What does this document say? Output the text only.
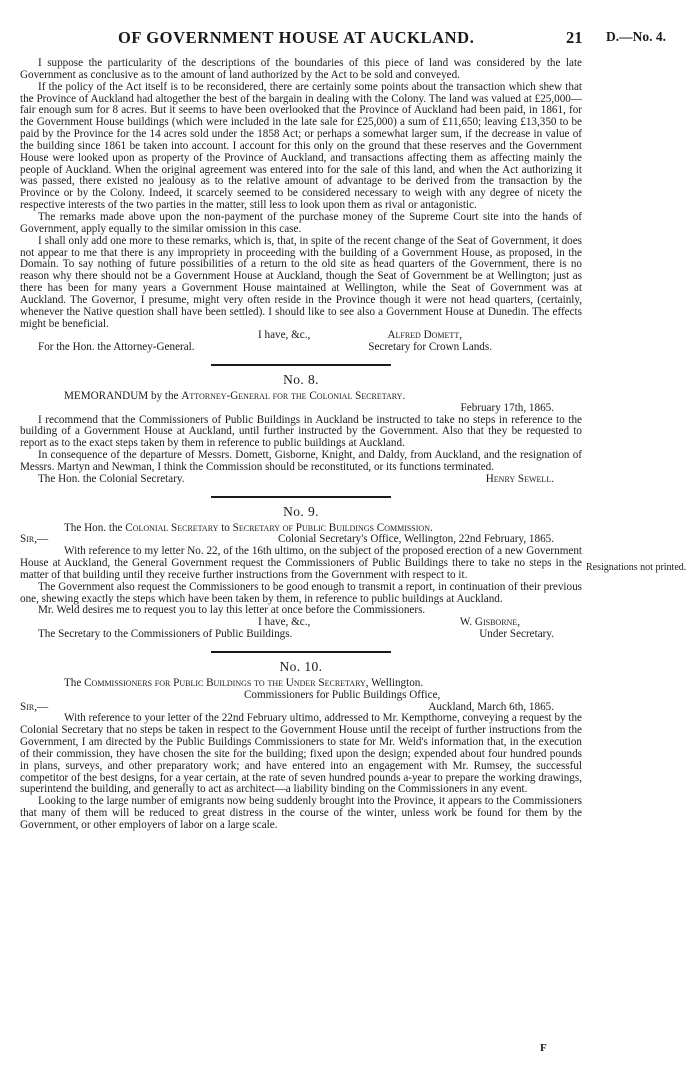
OF GOVERNMENT HOUSE AT AUCKLAND.	21 D.—No. 4.

I suppose the particularity of the descriptions of the boundaries of this piece of land was considered by the late Government as conclusive as to the amount of land authorized by the Act to be sold and conveyed.

If the policy of the Act itself is to be reconsidered, there are certainly some points about the transaction which shew that the Province of Auckland had altogether the best of the bargain in dealing with the Colony. The land was valued at £25,000—fair enough sum for 8 acres. But it seems to have been overlooked that the Province of Auckland had been paid, in 1861, for the Government House buildings (which were included in the late sale for £25,000) a sum of £11,650; leaving £13,350 to be paid by the Province for the 14 acres sold under the 1858 Act; or perhaps a somewhat larger sum, if the decrease in value of the building since 1861 be taken into account. I account for this only on the ground that these reserves and the Government House were looked upon as property of the Province of Auckland, and transactions affecting them as affecting mainly the people of Auckland. When the original agreement was entered into for the sale of this land, and when the Act authorizing it was passed, there existed no jealousy as to the relative amount of advantage to be derived from the transaction by the Province or by the Colony. Indeed, it scarcely seemed to be considered necessary to weigh with any degree of nicety the respective interests of the two parties in the matter, still less to look upon them as rival or antagonistic.

The remarks made above upon the non-payment of the purchase money of the Supreme Court site into the hands of Government, apply equally to the similar omission in this case.

I shall only add one more to these remarks, which is, that, in spite of the recent change of the Seat of Government, it does not appear to me that there is any impropriety in proceeding with the building of a Government House, as proposed, in the Domain. To say nothing of future possibilities of a return to the old site as head quarters of the Government, there is no reason why there should not be a Government House at Auckland, though the Seat of Government be at Wellington; just as there has been for many years a Government House maintained at Wellington, while the Seat of Government was at Auckland. The Governor, I presume, might very often reside in the Province though it were not head quarters, (certainly, whenever the Native question shall have been settled). I should like to see also a Government House at Dunedin. The effects might be beneficial.

I have, &c.,	Alfred Domett,
For the Hon. the Attorney-General.	Secretary for Crown Lands.
No. 8.

MEMORANDUM by the Attorney-General for the Colonial Secretary.

February 17th, 1865.

I recommend that the Commissioners of Public Buildings in Auckland be instructed to take no steps in reference to the building of a Government House at Auckland, until further instructed by the Government. Also that they be requested to report as to the exact steps taken by them in reference to public buildings at Auckland.

In consequence of the departure of Messrs. Domett, Gisborne, Knight, and Daldy, from Auckland, and the resignation of Messrs. Martyn and Newman, I think the Commission should be reconstituted, or its functions terminated.

The Hon. the Colonial Secretary.	Henry Sewell.
No. 9.

The Hon. the Colonial Secretary to Secretary of Public Buildings Commission.

Sir,—	Colonial Secretary's Office, Wellington, 22nd February, 1865.

With reference to my letter No. 22, of the 16th ultimo, on the subject of the proposed erection of a new Government House at Auckland, the General Government request the Commissioners of Public Buildings there to take no steps in the matter of that building until they receive further instructions from the Government with respect to it.

The Government also request the Commissioners to be good enough to transmit a report, in continuation of their previous one, shewing exactly the steps which have been taken by them, in reference to public buildings at Auckland.

Mr. Weld desires me to request you to lay this letter at once before the Commissioners.

I have, &c.,	W. Gisborne,
The Secretary to the Commissioners of Public Buildings.	Under Secretary.
No. 10.

The Commissioners for Public Buildings to the Under Secretary, Wellington.

Commissioners for Public Buildings Office,

Sir,—	Auckland, March 6th, 1865.

With reference to your letter of the 22nd February ultimo, addressed to Mr. Kempthorne, conveying a request by the Colonial Secretary that no steps be taken in respect to the Government House until the receipt of further instructions from the Government, I am directed by the Public Buildings Commissioners to state for Mr. Weld's information that, in the execution of their commission, they have chosen the site for the building; fixed upon the design; expended about four hundred pounds in plans, surveys, and other preparatory work; and have entered into an engagement with Mr. Rumsey, the successful competitor of the best designs, for a year certain, at the rate of seven hundred pounds a-year to prepare the working drawings, superintend the building, and generally to act as architect—a liability binding on the Commissioners in any event.

Looking to the large number of emigrants now being suddenly brought into the Province, it appears to the Commissioners that many of them will be reduced to great distress in the course of the winter, unless work be found for them by the Government, or other employers of labor on a large scale.

Resignations not printed.
F
